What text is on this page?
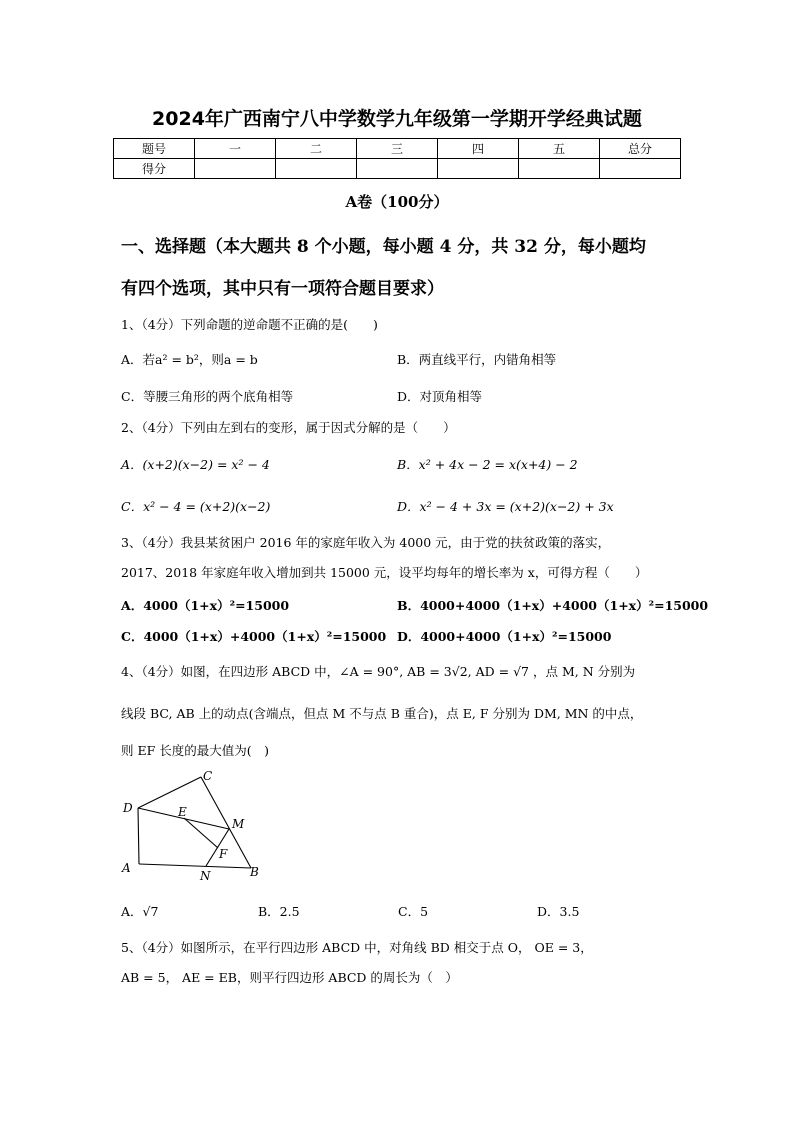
2024年广西南宁八中学数学九年级第一学期开学经典试题
题号	一	二	三	四	五	总分
得分						
A卷（100分）
一、选择题（本大题共 8 个小题，每小题 4 分，共 32 分，每小题均
有四个选项，其中只有一项符合题目要求）
1、（4分）下列命题的逆命题不正确的是(　　)
A．若a² = b²，则a = b	B．两直线平行，内错角相等
C．等腰三角形的两个底角相等	D．对顶角相等
2、（4分）下列由左到右的变形，属于因式分解的是（　　）
A．(x+2)(x−2) = x² − 4	B．x² + 4x − 2 = x(x+4) − 2
C．x² − 4 = (x+2)(x−2)	D．x² − 4 + 3x = (x+2)(x−2) + 3x
3、（4分）我县某贫困户 2016 年的家庭年收入为 4000 元，由于党的扶贫政策的落实，
2017、2018 年家庭年收入增加到共 15000 元，设平均每年的增长率为 x，可得方程（　　）
A．4000（1+x）²=15000	B．4000+4000（1+x）+4000（1+x）²=15000
C．4000（1+x）+4000（1+x）²=15000 D．4000+4000（1+x）²=15000
4、（4分）如图，在四边形 ABCD 中，∠A = 90°, AB = 3√2, AD = √7 ，点 M, N 分别为
线段 BC, AB 上的动点(含端点，但点 M 不与点 B 重合)，点 E, F 分别为 DM, MN 的中点，
则 EF 长度的最大值为(　)
C
D	E
M
F
A
N	B
A．√7	B．2.5	C．5	D．3.5
5、（4分）如图所示，在平行四边形 ABCD 中，对角线 BD 相交于点 O， OE = 3，
AB = 5， AE = EB，则平行四边形 ABCD 的周长为（　）
